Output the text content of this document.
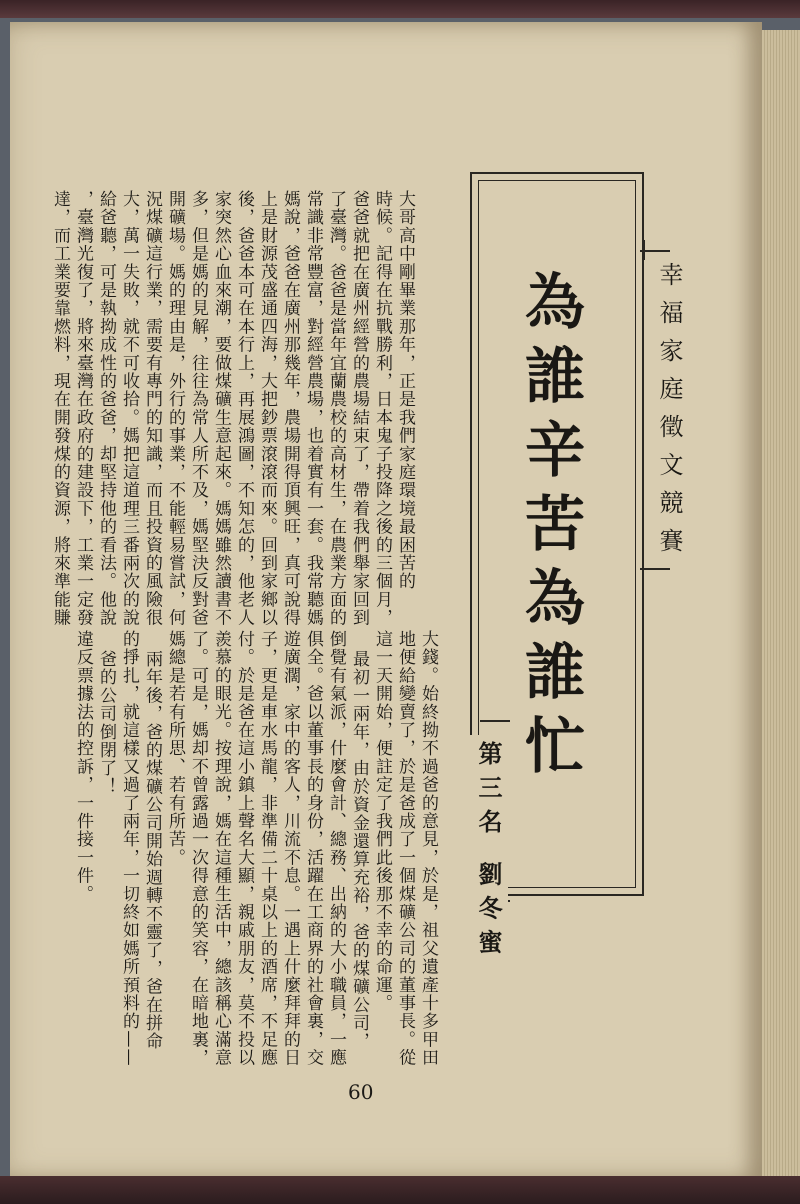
幸福家庭徵文競賽

為誰辛苦為誰忙

第三名 劉冬蜜

大哥高中剛畢業那年，正是我們家庭環境最困苦的

時候。記得在抗戰勝利，日本鬼子投降之後的三個月，

爸爸就把在廣州經營的農場結束了，帶着我們舉家回到

了臺灣。爸爸是當年宜蘭農校的高材生，在農業方面的

常識非常豐富，對經營農場，也着實有一套。我常聽媽

媽說，爸爸在廣州那幾年，農場開得頂興旺，真可說得

上是財源茂盛通四海，大把鈔票滾滾而來。回到家鄉以

後，爸爸本可在本行上，再展鴻圖，不知怎的，他老人

家突然心血來潮，要做煤礦生意起來。媽媽雖然讀書不

多，但是媽的見解，往往為常人所不及，媽堅決反對爸

開礦場。媽的理由是，外行的事業，不能輕易嘗試，何

況煤礦這行業，需要有專門的知識，而且投資的風險很

大，萬一失敗，就不可收拾。媽把這道理三番兩次的說

給爸聽，可是執拗成性的爸爸，却堅持他的看法。他說

，臺灣光復了，將來臺灣在政府的建設下，工業一定發

達，而工業要靠燃料，現在開發煤的資源，將來準能賺

大錢。始終拗不過爸的意見，於是，祖父遺產十多甲田

地便給變賣了，於是爸成了一個煤礦公司的董事長。從

這一天開始，便註定了我們此後那不幸的命運。

最初一兩年，由於資金還算充裕，爸的煤礦公司，

倒覺有氣派，什麼會計、總務、出納的大小職員，一應

俱全。爸以董事長的身份，活躍在工商界的社會裏，交

遊廣濶，家中的客人，川流不息。一遇上什麼拜拜的日

子，更是車水馬龍，非準備二十桌以上的酒席，不足應

付。於是爸在這小鎮上聲名大顯，親戚朋友，莫不投以

羨慕的眼光。按理說，媽在這種生活中，總該稱心滿意

了。可是，媽却不曾露過一次得意的笑容，在暗地裏，

媽總是若有所思、若有所苦。

兩年後，爸的煤礦公司開始週轉不靈了，爸在拼命

的掙扎，就這樣又過了兩年，一切終如媽所預料的——

爸的公司倒閉了！

違反票據法的控訴，一件接一件。

60
